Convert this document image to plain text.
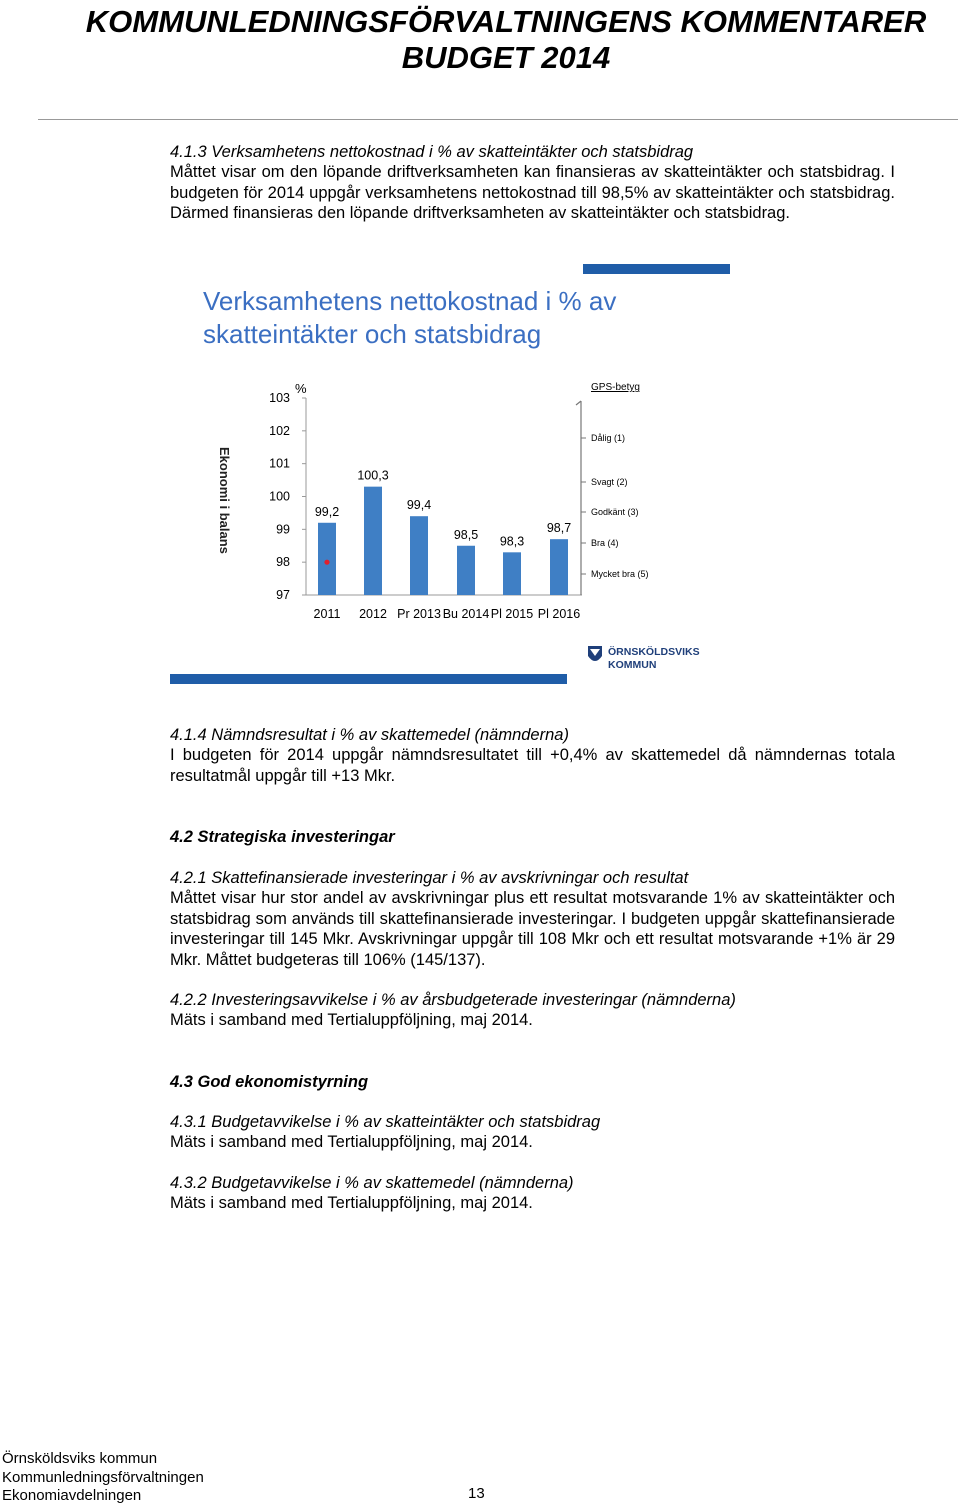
KOMMUNLEDNINGSFÖRVALTNINGENS KOMMENTARER
BUDGET 2014
4.1.3 Verksamhetens nettokostnad i % av skatteintäkter och statsbidrag
Måttet visar om den löpande driftverksamheten kan finansieras av skatteintäkter och statsbidrag. I budgeten för 2014 uppgår verksamhetens nettokostnad till 98,5% av skatteintäkter och statsbidrag. Därmed finansieras den löpande driftverksamheten av skatteintäkter och statsbidrag.
Verksamhetens nettokostnad i % av
skatteintäkter och statsbidrag
%
Ekonomi i balans
97
98
99
100
101
102
103
99,2
2011
100,3
2012
99,4
Pr 2013
98,5
Bu 2014
98,3
Pl 2015
98,7
Pl 2016
GPS-betyg
Dålig (1)
Svagt (2)
Godkänt (3)
Bra (4)
Mycket bra (5)
ÖRNSKÖLDSVIKS
KOMMUN
4.1.4 Nämndsresultat i % av skattemedel (nämnderna)
I budgeten för 2014 uppgår nämndsresultatet till +0,4% av skattemedel då nämndernas totala resultatmål uppgår till +13 Mkr.
4.2 Strategiska investeringar
4.2.1 Skattefinansierade investeringar i % av avskrivningar och resultat
Måttet visar hur stor andel av avskrivningar plus ett resultat motsvarande 1% av skatteintäkter och statsbidrag som används till skattefinansierade investeringar. I budgeten uppgår skattefinansierade investeringar till 145 Mkr. Avskrivningar uppgår till 108 Mkr och ett resultat motsvarande +1% är 29 Mkr. Måttet budgeteras till 106% (145/137).
4.2.2 Investeringsavvikelse i % av årsbudgeterade investeringar (nämnderna)
Mäts i samband med Tertialuppföljning, maj 2014.
4.3 God ekonomistyrning
4.3.1 Budgetavvikelse i % av skatteintäkter och statsbidrag
Mäts i samband med Tertialuppföljning, maj 2014.
4.3.2 Budgetavvikelse i % av skattemedel (nämnderna)
Mäts i samband med Tertialuppföljning, maj 2014.
Örnsköldsviks kommun
Kommunledningsförvaltningen
Ekonomiavdelningen	13
